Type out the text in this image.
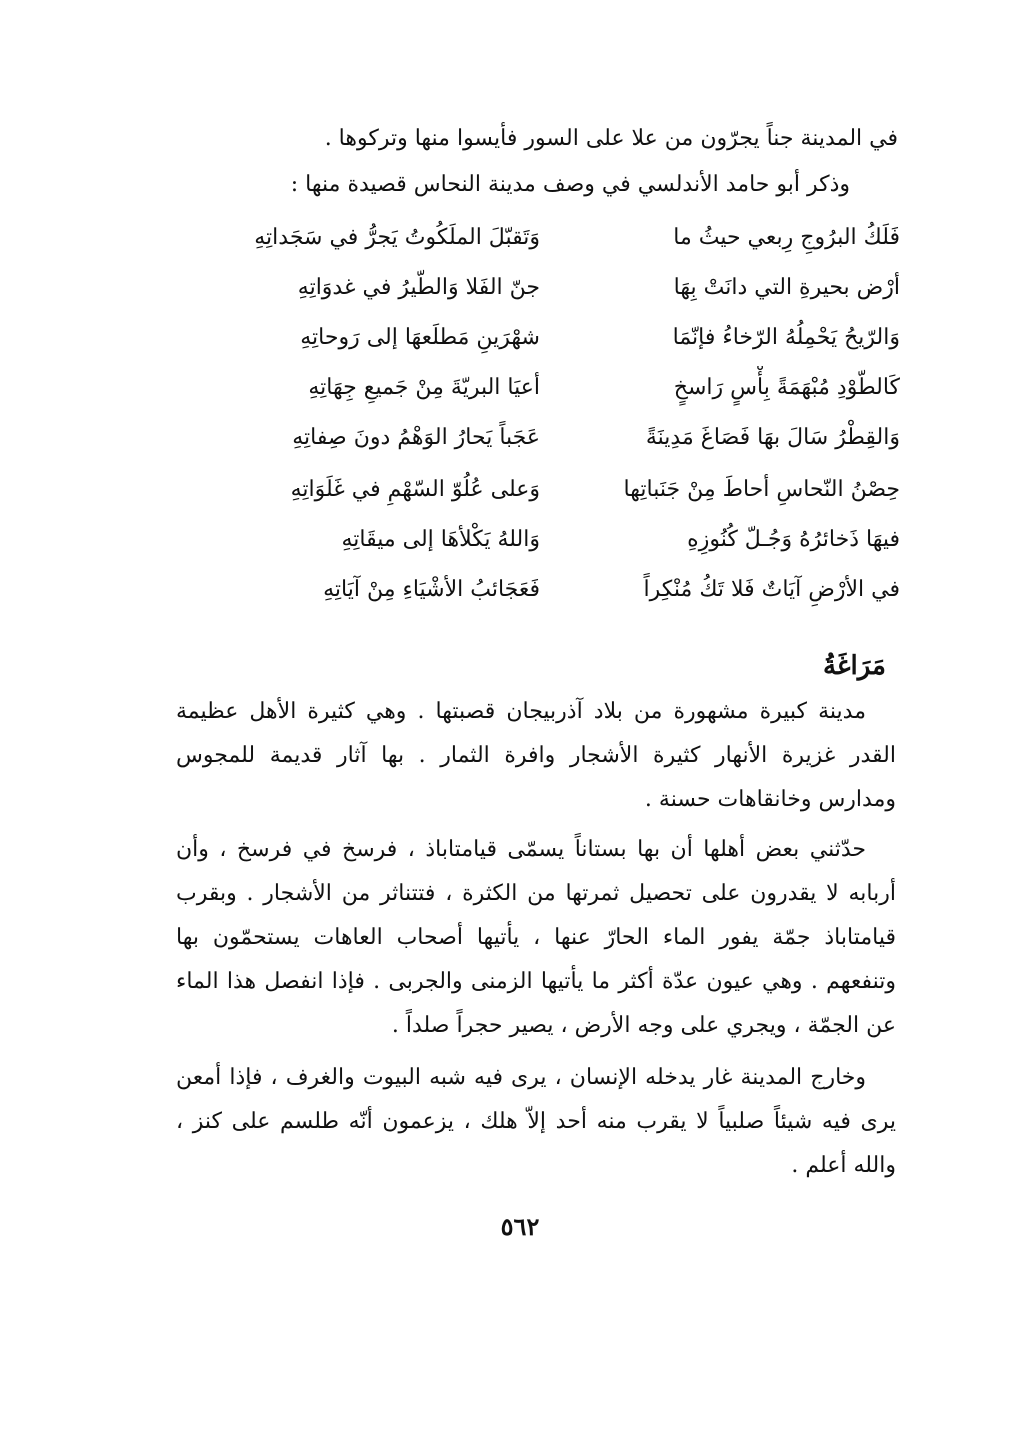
في المدينة جناً يجرّون من علا على السور فأيسوا منها وتركوها .
وذكر أبو حامد الأندلسي في وصف مدينة النحاس قصيدة منها :
فَلَكُ البرُوجِ رِبعي حيثُ ما
وَتَقبّلَ الملَكُوتُ يَجرُّ في سَجَداتِهِ
أرْض بحيرةِ التي دانَتْ بِهَا
جنّ الفَلا وَالطّيرُ في غدوَاتِهِ
وَالرّيحُ يَحْمِلُهُ الرّخاءُ فإنّمَا
شهْرَينِ مَطلَعهَا إلى رَوحاتِهِ
كَالطّوْدِ مُبْهَمَةً بِأْسٍ رَاسخٍ
أعيَا البريّةَ مِنْ جَميعِ جِهَاتِهِ
وَالقِطْرُ سَالَ بهَا فَصَاغَ مَدِينَةً
عَجَباً يَحارُ الوَهْمُ دونَ صِفاتِهِ
حِصْنُ النّحاسِ أحاطَ مِنْ جَنَباتِها
وَعلى عُلُوّ السّهْمِ في غَلَوَاتِهِ
فيهَا ذَخائرُهُ وَجُـلّ كُنُوزِهِ
وَاللهُ يَكْلأهَا إلى ميقَاتِهِ
في الأرْضِ آيَاتٌ فَلا تَكُ مُنْكِراً
فَعَجَائبُ الأشْيَاءِ مِنْ آيَاتِهِ
مَرَاغَةُ
مدينة كبيرة مشهورة من بلاد آذربيجان قصبتها . وهي كثيرة الأهل عظيمة القدر غزيرة الأنهار كثيرة الأشجار وافرة الثمار . بها آثار قديمة للمجوس ومدارس وخانقاهات حسنة .
حدّثني بعض أهلها أن بها بستاناً يسمّى قيامتاباذ ، فرسخ في فرسخ ، وأن أربابه لا يقدرون على تحصيل ثمرتها من الكثرة ، فتتناثر من الأشجار . وبقرب قيامتاباذ جمّة يفور الماء الحارّ عنها ، يأتيها أصحاب العاهات يستحمّون بها وتنفعهم . وهي عيون عدّة أكثر ما يأتيها الزمنى والجربى . فإذا انفصل هذا الماء عن الجمّة ، ويجري على وجه الأرض ، يصير حجراً صلداً .
وخارج المدينة غار يدخله الإنسان ، يرى فيه شبه البيوت والغرف ، فإذا أمعن يرى فيه شيئاً صلبياً لا يقرب منه أحد إلاّ هلك ، يزعمون أنّه طلسم على كنز ، والله أعلم .
٥٦٢
